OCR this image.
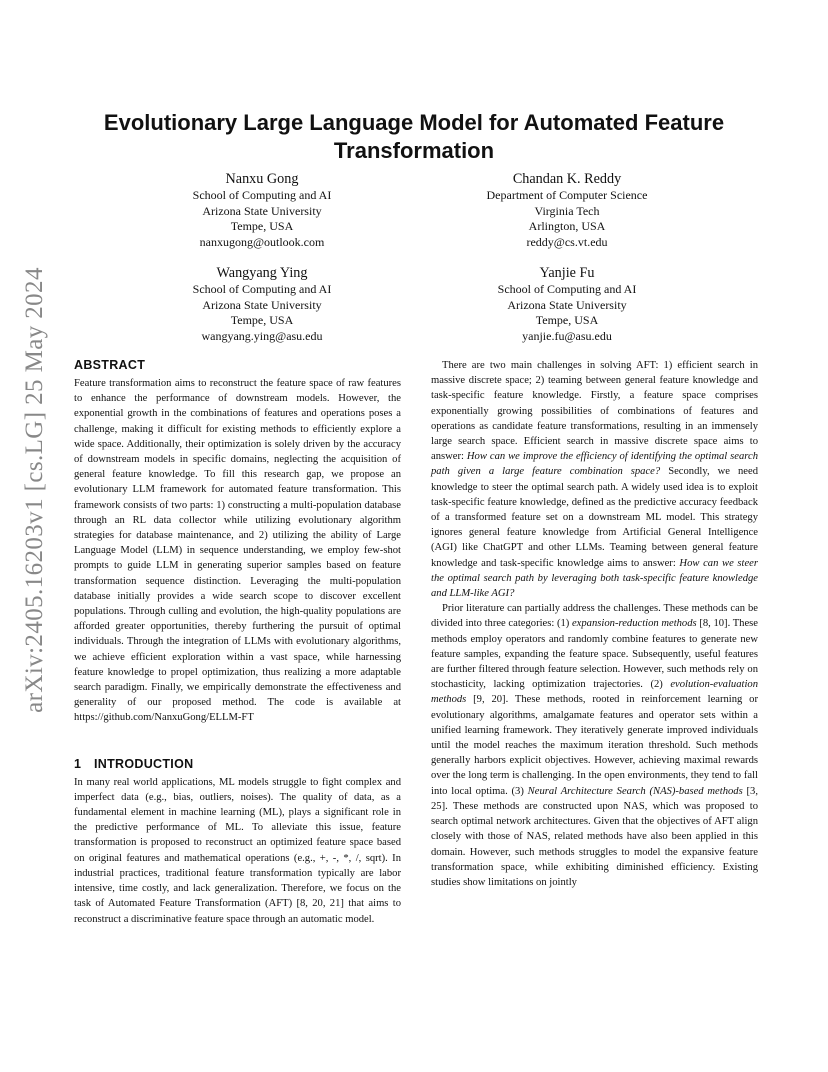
arXiv:2405.16203v1 [cs.LG] 25 May 2024
Evolutionary Large Language Model for Automated Feature Transformation
Nanxu Gong
School of Computing and AI
Arizona State University
Tempe, USA
nanxugong@outlook.com
Chandan K. Reddy
Department of Computer Science
Virginia Tech
Arlington, USA
reddy@cs.vt.edu
Wangyang Ying
School of Computing and AI
Arizona State University
Tempe, USA
wangyang.ying@asu.edu
Yanjie Fu
School of Computing and AI
Arizona State University
Tempe, USA
yanjie.fu@asu.edu
ABSTRACT

Feature transformation aims to reconstruct the feature space of raw features to enhance the performance of downstream models. However, the exponential growth in the combinations of features and operations poses a challenge, making it difficult for existing methods to efficiently explore a wide space. Additionally, their optimization is solely driven by the accuracy of downstream models in specific domains, neglecting the acquisition of general feature knowledge. To fill this research gap, we propose an evolutionary LLM framework for automated feature transformation. This framework consists of two parts: 1) constructing a multi-population database through an RL data collector while utilizing evolutionary algorithm strategies for database maintenance, and 2) utilizing the ability of Large Language Model (LLM) in sequence understanding, we employ few-shot prompts to guide LLM in generating superior samples based on feature transformation sequence distinction. Leveraging the multi-population database initially provides a wide search scope to discover excellent populations. Through culling and evolution, the high-quality populations are afforded greater opportunities, thereby furthering the pursuit of optimal individuals. Through the integration of LLMs with evolutionary algorithms, we achieve efficient exploration within a vast space, while harnessing feature knowledge to propel optimization, thus realizing a more adaptable search paradigm. Finally, we empirically demonstrate the effectiveness and generality of our proposed method. The code is available at https://github.com/NanxuGong/ELLM-FT

1 INTRODUCTION

In many real world applications, ML models struggle to fight complex and imperfect data (e.g., bias, outliers, noises). The quality of data, as a fundamental element in machine learning (ML), plays a significant role in the predictive performance of ML. To alleviate this issue, feature transformation is proposed to reconstruct an optimized feature space based on original features and mathematical operations (e.g., +, -, *, /, sqrt). In industrial practices, traditional feature transformation typically are labor intensive, time costly, and lack generalization. Therefore, we focus on the task of Automated Feature Transformation (AFT) [8, 20, 21] that aims to reconstruct a discriminative feature space through an automatic model.

There are two main challenges in solving AFT: 1) efficient search in massive discrete space; 2) teaming between general feature knowledge and task-specific feature knowledge. Firstly, a feature space comprises exponentially growing possibilities of combinations of features and operations as candidate feature transformations, resulting in an immensely large search space. Efficient search in massive discrete space aims to answer: How can we improve the efficiency of identifying the optimal search path given a large feature combination space? Secondly, we need knowledge to steer the optimal search path. A widely used idea is to exploit task-specific feature knowledge, defined as the predictive accuracy feedback of a transformed feature set on a downstream ML model. This strategy ignores general feature knowledge from Artificial General Intelligence (AGI) like ChatGPT and other LLMs. Teaming between general feature knowledge and task-specific knowledge aims to answer: How can we steer the optimal search path by leveraging both task-specific feature knowledge and LLM-like AGI?

Prior literature can partially address the challenges. These methods can be divided into three categories: (1) expansion-reduction methods [8, 10]. These methods employ operators and randomly combine features to generate new feature samples, expanding the feature space. Subsequently, useful features are further filtered through feature selection. However, such methods rely on stochasticity, lacking optimization trajectories. (2) evolution-evaluation methods [9, 20]. These methods, rooted in reinforcement learning or evolutionary algorithms, amalgamate features and operator sets within a unified learning framework. They iteratively generate improved individuals until the model reaches the maximum iteration threshold. Such methods generally harbors explicit objectives. However, achieving maximal rewards over the long term is challenging. In the open environments, they tend to fall into local optima. (3) Neural Architecture Search (NAS)-based methods [3, 25]. These methods are constructed upon NAS, which was proposed to search optimal network architectures. Given that the objectives of AFT align closely with those of NAS, related methods have also been applied in this domain. However, such methods struggles to model the expansive feature transformation space, while exhibiting diminished efficiency. Existing studies show limitations on jointly
